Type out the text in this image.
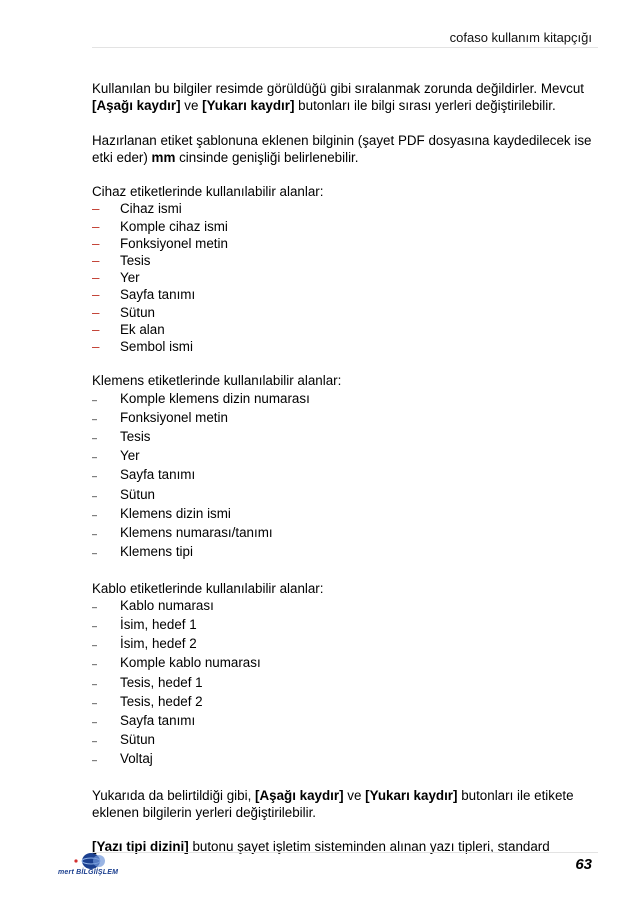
cofaso kullanım kitapçığı

Kullanılan bu bilgiler resimde görüldüğü gibi sıralanmak zorunda değildirler. Mevcut [Aşağı kaydır] ve [Yukarı kaydır] butonları ile bilgi sırası yerleri değiştirilebilir.

Hazırlanan etiket şablonuna eklenen bilginin (şayet PDF dosyasına kaydedilecek ise etki eder) mm cinsinde genişliği belirlenebilir.

Cihaz etiketlerinde kullanılabilir alanlar:
–	Cihaz ismi
–	Komple cihaz ismi
–	Fonksiyonel metin
–	Tesis
–	Yer
–	Sayfa tanımı
–	Sütun
–	Ek alan
–	Sembol ismi
Klemens etiketlerinde kullanılabilir alanlar:
–	Komple klemens dizin numarası
–	Fonksiyonel metin
–	Tesis
–	Yer
–	Sayfa tanımı
–	Sütun
–	Klemens dizin ismi
–	Klemens numarası/tanımı
–	Klemens tipi
Kablo etiketlerinde kullanılabilir alanlar:
–	Kablo numarası
–	İsim, hedef 1
–	İsim, hedef 2
–	Komple kablo numarası
–	Tesis, hedef 1
–	Tesis, hedef 2
–	Sayfa tanımı
–	Sütun
–	Voltaj

Yukarıda da belirtildiği gibi, [Aşağı kaydır] ve [Yukarı kaydır] butonları ile etikete eklenen bilgilerin yerleri değiştirilebilir.

[Yazı tipi dizini] butonu şayet işletim sisteminden alınan yazı tipleri, standard

mert BİLGİİŞLEM	63
